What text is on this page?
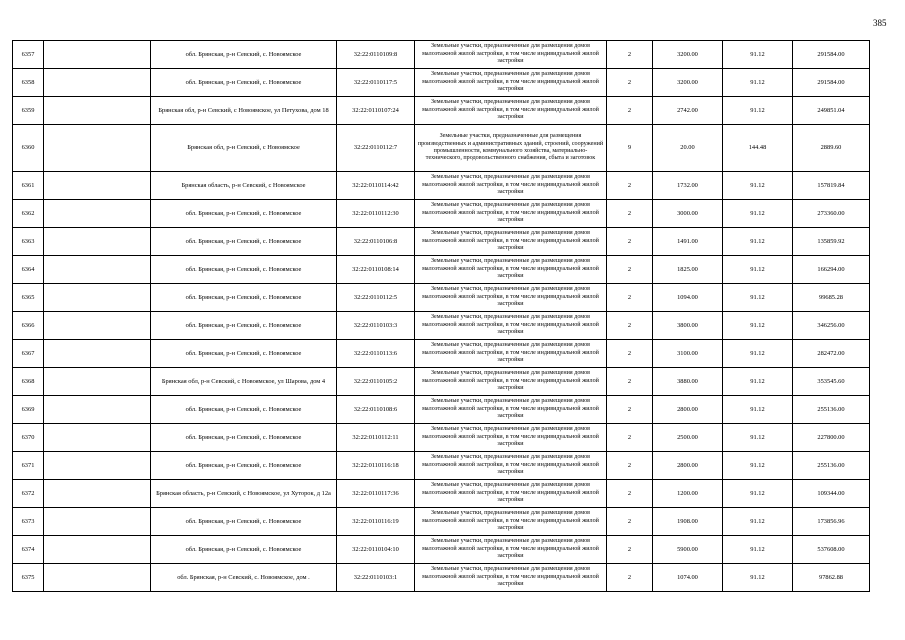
385
6357		обл. Брянская, р-н Севский, с. Новоямское	32:22:0110109:8	Земельные участки, предназначенные для размещения домов малоэтажной жилой застройки, в том числе индивидуальной жилой застройки	2	3200.00	91.12	291584.00
6358		обл. Брянская, р-н Севский, с. Новоямское	32:22:0110117:5	Земельные участки, предназначенные для размещения домов малоэтажной жилой застройки, в том числе индивидуальной жилой застройки	2	3200.00	91.12	291584.00
6359		Брянская обл, р-н Севский, с Новоямское, ул Петухова, дом 18	32:22:0110107:24	Земельные участки, предназначенные для размещения домов малоэтажной жилой застройки, в том числе индивидуальной жилой застройки	2	2742.00	91.12	249851.04
6360		Брянская обл, р-н Севский, с Новоямское	32:22:0110112:7	Земельные участки, предназначенные для размещения производственных и административных зданий, строений, сооружений промышленности, коммунального хозяйства, материально-технического, продовольственного снабжения, сбыта и заготовок	9	20.00	144.48	2889.60
6361		Брянская область, р-н Севский, с Новоямское	32:22:0110114:42	Земельные участки, предназначенные для размещения домов малоэтажной жилой застройки, в том числе индивидуальной жилой застройки	2	1732.00	91.12	157819.84
6362		обл. Брянская, р-н Севский, с. Новоямское	32:22:0110112:30	Земельные участки, предназначенные для размещения домов малоэтажной жилой застройки, в том числе индивидуальной жилой застройки	2	3000.00	91.12	273360.00
6363		обл. Брянская, р-н Севский, с. Новоямское	32:22:0110106:8	Земельные участки, предназначенные для размещения домов малоэтажной жилой застройки, в том числе индивидуальной жилой застройки	2	1491.00	91.12	135859.92
6364		обл. Брянская, р-н Севский, с. Новоямское	32:22:0110108:14	Земельные участки, предназначенные для размещения домов малоэтажной жилой застройки, в том числе индивидуальной жилой застройки	2	1825.00	91.12	166294.00
6365		обл. Брянская, р-н Севский, с. Новоямское	32:22:0110112:5	Земельные участки, предназначенные для размещения домов малоэтажной жилой застройки, в том числе индивидуальной жилой застройки	2	1094.00	91.12	99685.28
6366		обл. Брянская, р-н Севский, с. Новоямское	32:22:0110103:3	Земельные участки, предназначенные для размещения домов малоэтажной жилой застройки, в том числе индивидуальной жилой застройки	2	3800.00	91.12	346256.00
6367		обл. Брянская, р-н Севский, с. Новоямское	32:22:0110113:6	Земельные участки, предназначенные для размещения домов малоэтажной жилой застройки, в том числе индивидуальной жилой застройки	2	3100.00	91.12	282472.00
6368		Брянская обл, р-н Севский, с Новоямское, ул Шарова, дом 4	32:22:0110105:2	Земельные участки, предназначенные для размещения домов малоэтажной жилой застройки, в том числе индивидуальной жилой застройки	2	3880.00	91.12	353545.60
6369		обл. Брянская, р-н Севский, с. Новоямское	32:22:0110108:6	Земельные участки, предназначенные для размещения домов малоэтажной жилой застройки, в том числе индивидуальной жилой застройки	2	2800.00	91.12	255136.00
6370		обл. Брянская, р-н Севский, с. Новоямское	32:22:0110112:11	Земельные участки, предназначенные для размещения домов малоэтажной жилой застройки, в том числе индивидуальной жилой застройки	2	2500.00	91.12	227800.00
6371		обл. Брянская, р-н Севский, с. Новоямское	32:22:0110116:18	Земельные участки, предназначенные для размещения домов малоэтажной жилой застройки, в том числе индивидуальной жилой застройки	2	2800.00	91.12	255136.00
6372		Брянская область, р-н Севский, с Новоямское, ул Хуторок, д 12а	32:22:0110117:36	Земельные участки, предназначенные для размещения домов малоэтажной жилой застройки, в том числе индивидуальной жилой застройки	2	1200.00	91.12	109344.00
6373		обл. Брянская, р-н Севский, с. Новоямское	32:22:0110116:19	Земельные участки, предназначенные для размещения домов малоэтажной жилой застройки, в том числе индивидуальной жилой застройки	2	1908.00	91.12	173856.96
6374		обл. Брянская, р-н Севский, с. Новоямское	32:22:0110104:10	Земельные участки, предназначенные для размещения домов малоэтажной жилой застройки, в том числе индивидуальной жилой застройки	2	5900.00	91.12	537608.00
6375		обл. Брянская, р-н Севский, с. Новоямское, дом .	32:22:0110103:1	Земельные участки, предназначенные для размещения домов малоэтажной жилой застройки, в том числе индивидуальной жилой застройки	2	1074.00	91.12	97862.88
